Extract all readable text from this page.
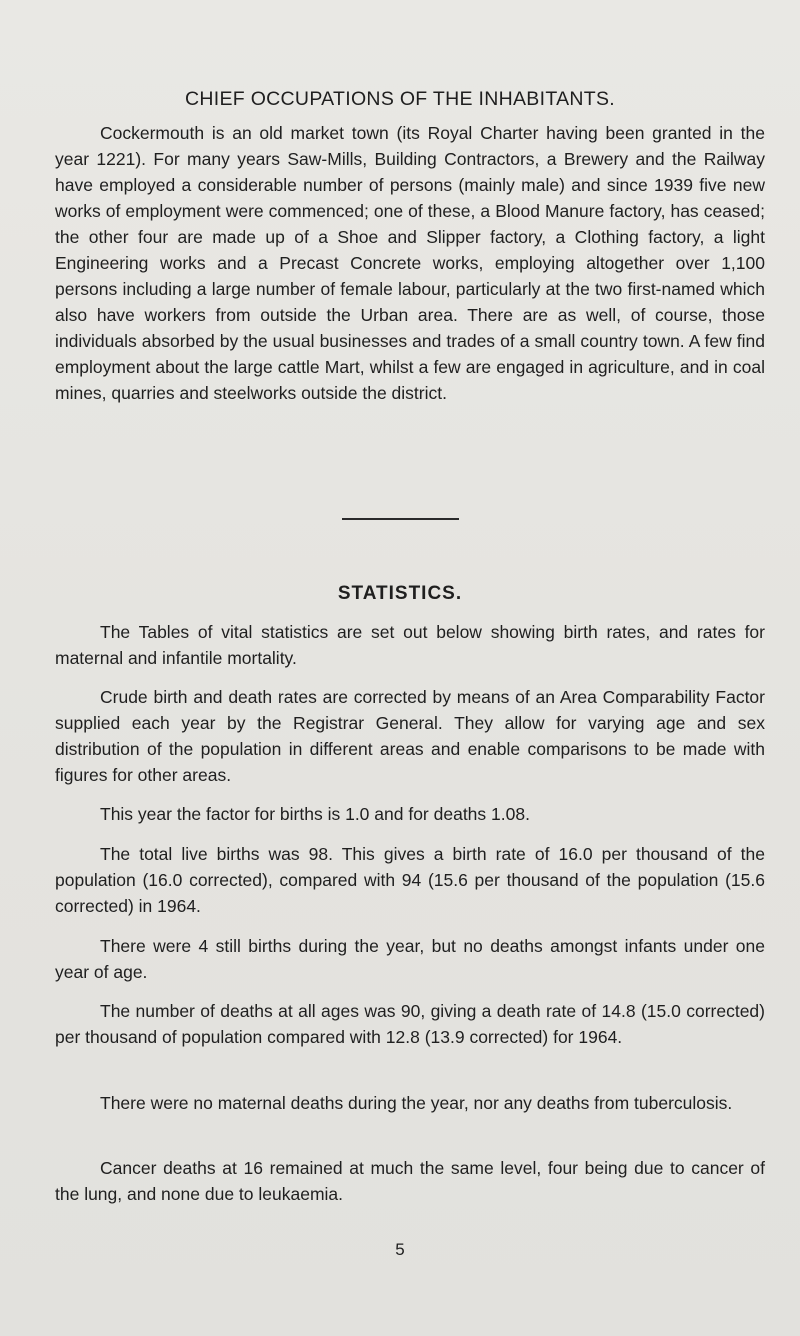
CHIEF OCCUPATIONS OF THE INHABITANTS.

Cockermouth is an old market town (its Royal Charter having been granted in the year 1221). For many years Saw-Mills, Building Contractors, a Brewery and the Railway have employed a considerable number of persons (mainly male) and since 1939 five new works of employment were commenced; one of these, a Blood Manure factory, has ceased; the other four are made up of a Shoe and Slipper factory, a Clothing factory, a light Engineering works and a Precast Concrete works, employing altogether over 1,100 persons including a large number of female labour, particularly at the two first-named which also have workers from outside the Urban area. There are as well, of course, those individuals absorbed by the usual businesses and trades of a small country town. A few find employment about the large cattle Mart, whilst a few are engaged in agriculture, and in coal mines, quarries and steelworks outside the district.

STATISTICS.

The Tables of vital statistics are set out below showing birth rates, and rates for maternal and infantile mortality.

Crude birth and death rates are corrected by means of an Area Comparability Factor supplied each year by the Registrar General. They allow for varying age and sex distribution of the population in different areas and enable comparisons to be made with figures for other areas.

This year the factor for births is 1.0 and for deaths 1.08.

The total live births was 98. This gives a birth rate of 16.0 per thousand of the population (16.0 corrected), compared with 94 (15.6 per thousand of the population (15.6 corrected) in 1964.

There were 4 still births during the year, but no deaths amongst infants under one year of age.

The number of deaths at all ages was 90, giving a death rate of 14.8 (15.0 corrected) per thousand of population compared with 12.8 (13.9 corrected) for 1964.

There were no maternal deaths during the year, nor any deaths from tuberculosis.

Cancer deaths at 16 remained at much the same level, four being due to cancer of the lung, and none due to leukaemia.

5
